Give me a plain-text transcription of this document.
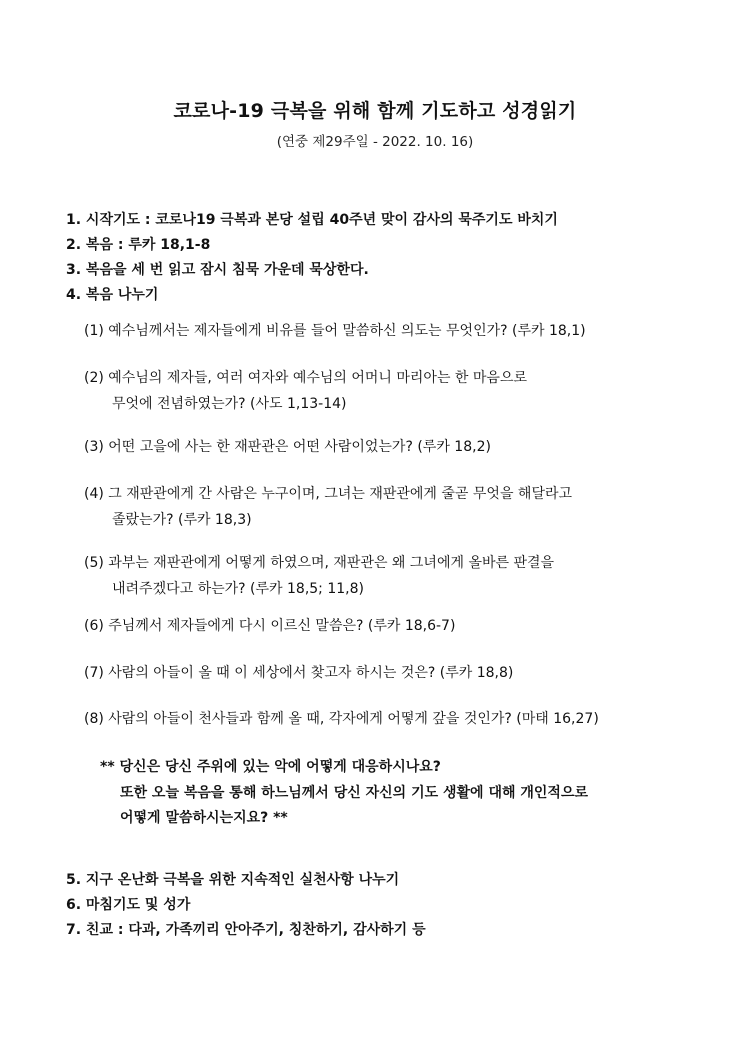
코로나-19 극복을 위해 함께 기도하고 성경읽기
(연중 제29주일 - 2022. 10. 16)
1. 시작기도 : 코로나19 극복과 본당 설립 40주년 맞이 감사의 묵주기도 바치기
2. 복음 : 루카 18,1-8
3. 복음을 세 번 읽고 잠시 침묵 가운데 묵상한다.
4. 복음 나누기
(1) 예수님께서는 제자들에게 비유를 들어 말씀하신 의도는 무엇인가? (루카 18,1)
(2) 예수님의 제자들, 여러 여자와 예수님의 어머니 마리아는 한 마음으로
무엇에 전념하였는가? (사도 1,13-14)
(3) 어떤 고을에 사는 한 재판관은 어떤 사람이었는가? (루카 18,2)
(4) 그 재판관에게 간 사람은 누구이며, 그녀는 재판관에게 줄곧 무엇을 해달라고
졸랐는가? (루카 18,3)
(5) 과부는 재판관에게 어떻게 하였으며, 재판관은 왜 그녀에게 올바른 판결을
내려주겠다고 하는가? (루카 18,5; 11,8)
(6) 주님께서 제자들에게 다시 이르신 말씀은? (루카 18,6-7)
(7) 사람의 아들이 올 때 이 세상에서 찾고자 하시는 것은? (루카 18,8)
(8) 사람의 아들이 천사들과 함께 올 때, 각자에게 어떻게 갚을 것인가? (마태 16,27)
** 당신은 당신 주위에 있는 악에 어떻게 대응하시나요?
또한 오늘 복음을 통해 하느님께서 당신 자신의 기도 생활에 대해 개인적으로
어떻게 말씀하시는지요? **
5. 지구 온난화 극복을 위한 지속적인 실천사항 나누기
6. 마침기도 및 성가
7. 친교 : 다과, 가족끼리 안아주기, 칭찬하기, 감사하기 등
